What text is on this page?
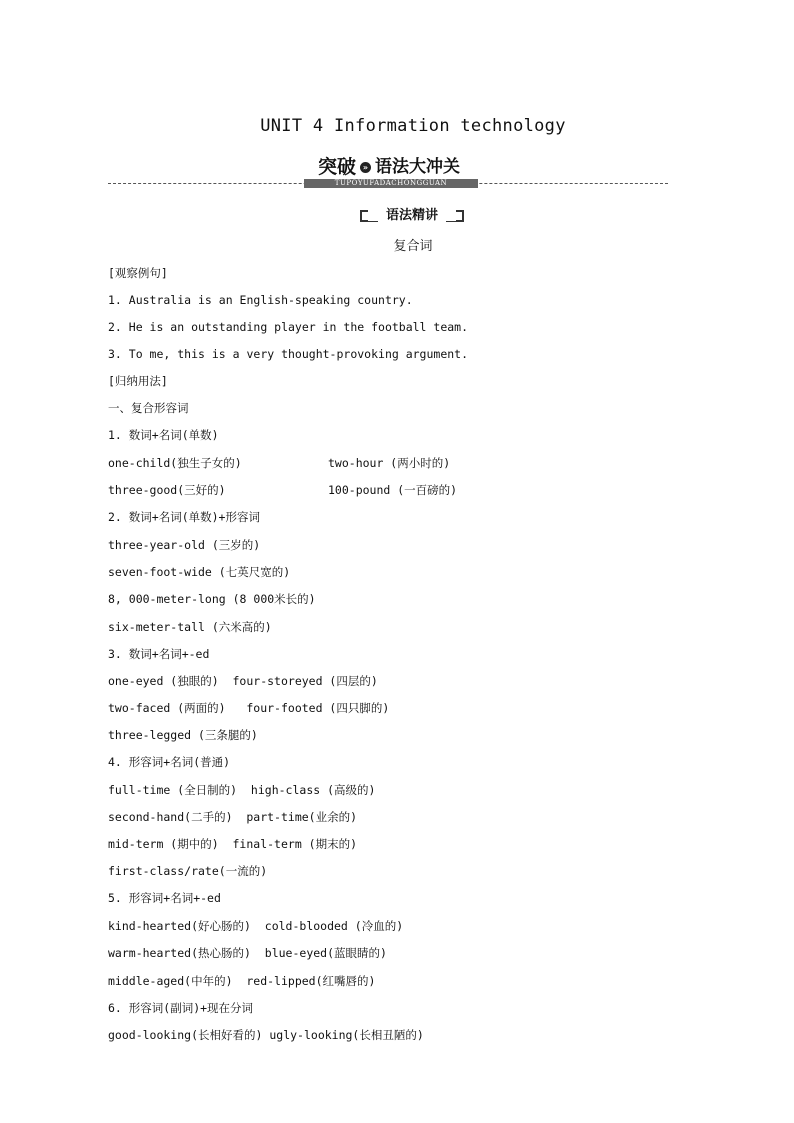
UNIT 4 Information technology
突破 » 语法大冲关
TUPOYUFADACHONGGUAN
语法精讲
复合词
[观察例句]
1. Australia is an English-speaking country.
2. He is an outstanding player in the football team.
3. To me, this is a very thought-provoking argument.
[归纳用法]
一、复合形容词
1. 数词+名词(单数)
one-child(独生子女的)	two-hour (两小时的)
three-good(三好的)	100-pound (一百磅的)
2. 数词+名词(单数)+形容词
three-year-old (三岁的)
seven-foot-wide (七英尺宽的)
8, 000-meter-long (8 000米长的)
six-meter-tall (六米高的)
3. 数词+名词+-ed
one-eyed (独眼的)  four-storeyed (四层的)
two-faced (两面的)   four-footed (四只脚的)
three-legged (三条腿的)
4. 形容词+名词(普通)
full-time (全日制的)  high-class (高级的)
second-hand(二手的)  part-time(业余的)
mid-term (期中的)  final-term (期末的)
first-class/rate(一流的)
5. 形容词+名词+-ed
kind-hearted(好心肠的)  cold-blooded (冷血的)
warm-hearted(热心肠的)  blue-eyed(蓝眼睛的)
middle-aged(中年的)  red-lipped(红嘴唇的)
6. 形容词(副词)+现在分词
good-looking(长相好看的) ugly-looking(长相丑陋的)
